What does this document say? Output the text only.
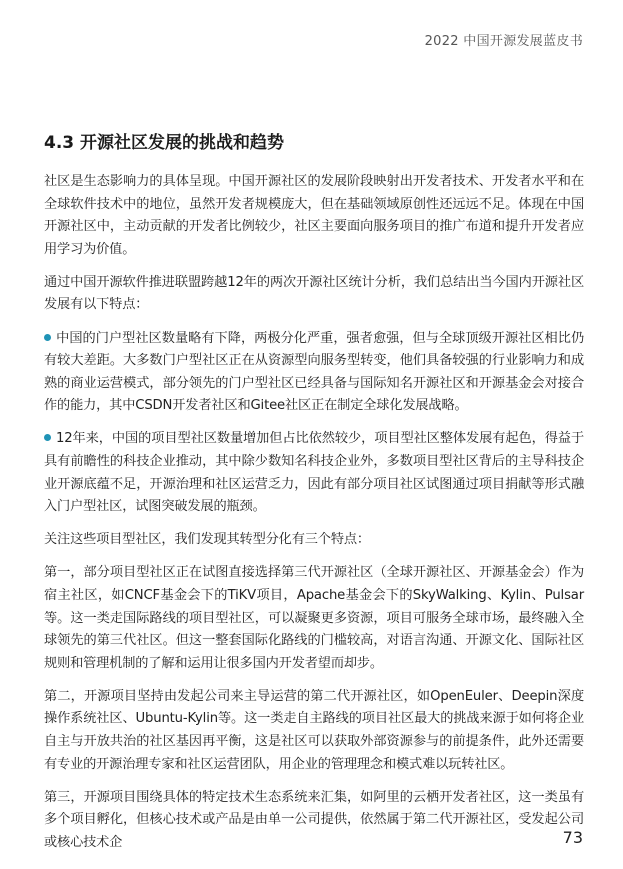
2022 中国开源发展蓝皮书
4.3 开源社区发展的挑战和趋势

社区是生态影响力的具体呈现。中国开源社区的发展阶段映射出开发者技术、开发者水平和在全球软件技术中的地位，虽然开发者规模庞大，但在基础领域原创性还远远不足。体现在中国开源社区中，主动贡献的开发者比例较少，社区主要面向服务项目的推广布道和提升开发者应用学习为价值。

通过中国开源软件推进联盟跨越12年的两次开源社区统计分析，我们总结出当今国内开源社区发展有以下特点：

中国的门户型社区数量略有下降，两极分化严重，强者愈强，但与全球顶级开源社区相比仍有较大差距。大多数门户型社区正在从资源型向服务型转变，他们具备较强的行业影响力和成熟的商业运营模式，部分领先的门户型社区已经具备与国际知名开源社区和开源基金会对接合作的能力，其中CSDN开发者社区和Gitee社区正在制定全球化发展战略。

12年来，中国的项目型社区数量增加但占比依然较少，项目型社区整体发展有起色，得益于具有前瞻性的科技企业推动，其中除少数知名科技企业外，多数项目型社区背后的主导科技企业开源底蕴不足，开源治理和社区运营乏力，因此有部分项目社区试图通过项目捐献等形式融入门户型社区，试图突破发展的瓶颈。

关注这些项目型社区，我们发现其转型分化有三个特点：

第一，部分项目型社区正在试图直接选择第三代开源社区（全球开源社区、开源基金会）作为宿主社区，如CNCF基金会下的TiKV项目，Apache基金会下的SkyWalking、Kylin、Pulsar等。这一类走国际路线的项目型社区，可以凝聚更多资源，项目可服务全球市场，最终融入全球领先的第三代社区。但这一整套国际化路线的门槛较高，对语言沟通、开源文化、国际社区规则和管理机制的了解和运用让很多国内开发者望而却步。

第二，开源项目坚持由发起公司来主导运营的第二代开源社区，如OpenEuler、Deepin深度操作系统社区、Ubuntu-Kylin等。这一类走自主路线的项目社区最大的挑战来源于如何将企业自主与开放共治的社区基因再平衡，这是社区可以获取外部资源参与的前提条件，此外还需要有专业的开源治理专家和社区运营团队，用企业的管理理念和模式难以玩转社区。

第三，开源项目围绕具体的特定技术生态系统来汇集，如阿里的云栖开发者社区，这一类虽有多个项目孵化，但核心技术或产品是由单一公司提供，依然属于第二代开源社区，受发起公司或核心技术企	73
